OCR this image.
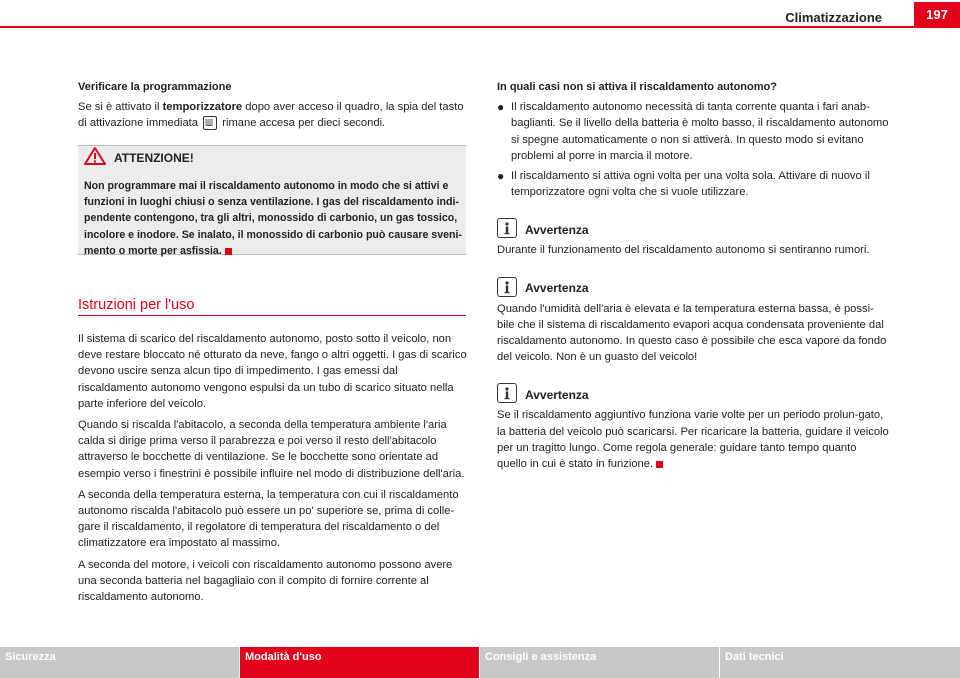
Climatizzazione	197
Verificare la programmazione

Se si è attivato il temporizzatore dopo aver acceso il quadro, la spia del tasto di attivazione immediata
rimane accesa per dieci secondi.

ATTENZIONE!
Non programmare mai il riscaldamento autonomo in modo che si attivi e funzioni in luoghi chiusi o senza ventilazione. I gas del riscaldamento indi-pendente contengono, tra gli altri, monossido di carbonio, un gas tossico, incolore e inodore. Se inalato, il monossido di carbonio può causare sveni-mento o morte per asfissia.
Istruzioni per l'uso

Il sistema di scarico del riscaldamento autonomo, posto sotto il veicolo, non deve restare bloccato né otturato da neve, fango o altri oggetti. I gas di scarico devono uscire senza alcun tipo di impedimento. I gas emessi dal riscaldamento autonomo vengono espulsi da un tubo di scarico situato nella parte inferiore del veicolo.

Quando si riscalda l'abitacolo, a seconda della temperatura ambiente l'aria calda si dirige prima verso il parabrezza e poi verso il resto dell'abitacolo attraverso le bocchette di ventilazione. Se le bocchette sono orientate ad esempio verso i finestrini è possibile influire nel modo di distribuzione dell'aria.

A seconda della temperatura esterna, la temperatura con cui il riscaldamento autonomo riscalda l'abitacolo può essere un po' superiore se, prima di colle-gare il riscaldamento, il regolatore di temperatura del riscaldamento o del climatizzatore era impostato al massimo.

A seconda del motore, i veicoli con riscaldamento autonomo possono avere una seconda batteria nel bagagliaio con il compito di fornire corrente al riscaldamento autonomo.

In quali casi non si attiva il riscaldamento autonomo?
● Il riscaldamento autonomo necessità di tanta corrente quanta i fari anab-baglianti. Se il livello della batteria è molto basso, il riscaldamento autonomo si spegne automaticamente o non si attiverà. In questo modo si evitano problemi al porre in marcia il motore.
● Il riscaldamento si attiva ogni volta per una volta sola. Attivare di nuovo il temporizzatore ogni volta che si vuole utilizzare.
Avvertenza

Durante il funzionamento del riscaldamento autonomo si sentiranno rumori.

Avvertenza

Quando l'umidità dell'aria è elevata e la temperatura esterna bassa, è possi-bile che il sistema di riscaldamento evapori acqua condensata proveniente dal riscaldamento autonomo. In questo caso è possibile che esca vapore da fondo del veicolo. Non è un guasto del veicolo!

Avvertenza

Se il riscaldamento aggiuntivo funziona varie volte per un periodo prolun-gato, la batteria del veicolo può scaricarsi. Per ricaricare la batteria, guidare il veicolo per un tragitto lungo. Come regola generale: guidare tanto tempo quanto quello in cui è stato in funzione.

Sicurezza	Modalità d'uso	Consigli e assistenza	Dati tecnici
